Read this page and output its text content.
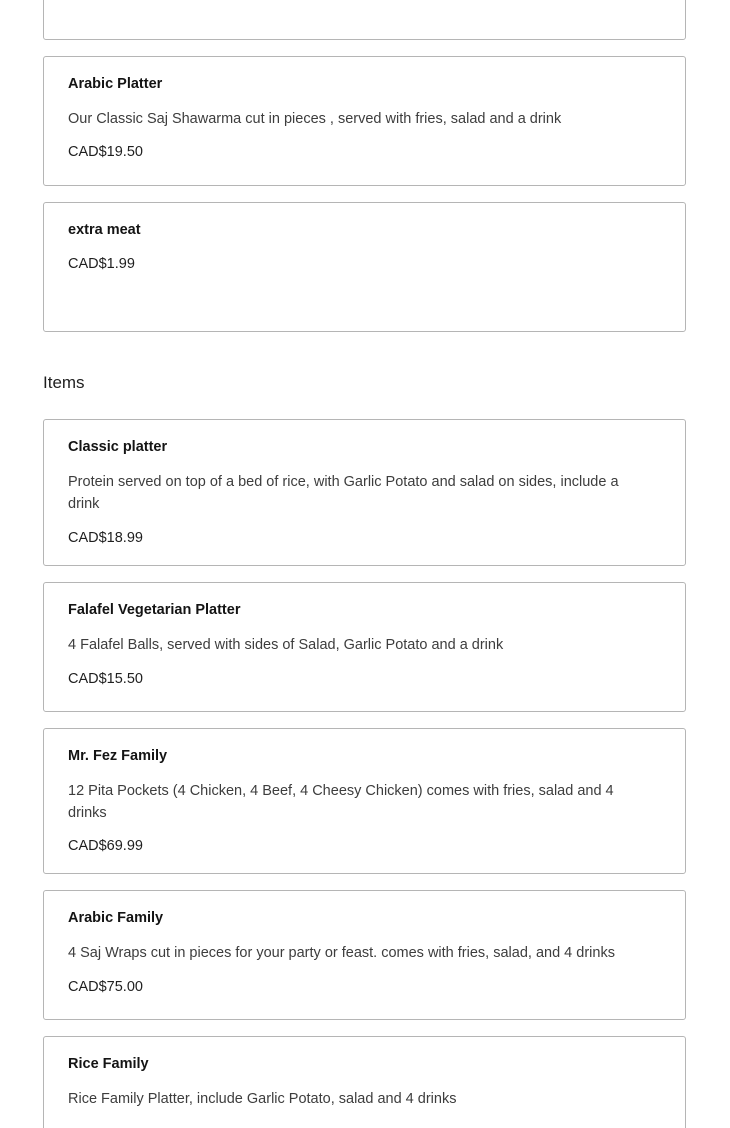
Arabic Platter
Our Classic Saj Shawarma cut in pieces , served with fries, salad and a drink
CAD$19.50
extra meat
CAD$1.99
Items
Classic platter
Protein served on top of a bed of rice, with Garlic Potato and salad on sides, include a drink
CAD$18.99
Falafel Vegetarian Platter
4 Falafel Balls, served with sides of Salad, Garlic Potato and a drink
CAD$15.50
Mr. Fez Family
12 Pita Pockets (4 Chicken, 4 Beef, 4 Cheesy Chicken) comes with fries, salad and 4 drinks
CAD$69.99
Arabic Family
4 Saj Wraps cut in pieces for your party or feast. comes with fries, salad, and 4 drinks
CAD$75.00
Rice Family
Rice Family Platter, include Garlic Potato, salad and 4 drinks
